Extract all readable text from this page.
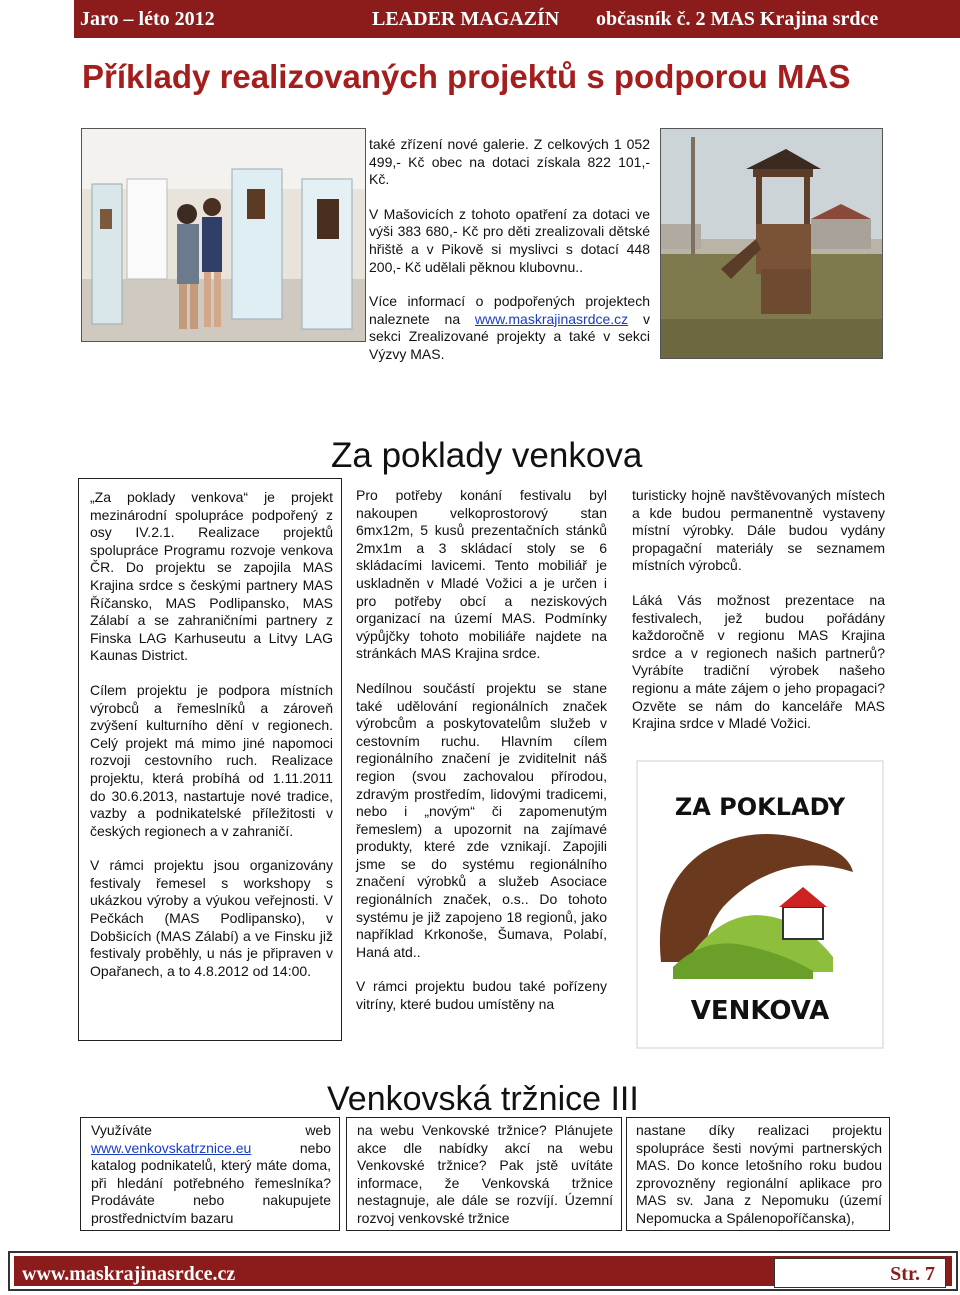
Jaro – léto 2012	LEADER MAGAZÍN občasník č. 2 MAS Krajina srdce
Příklady realizovaných projektů s podporou MAS

také zřízení nové galerie. Z celkových 1 052 499,- Kč obec na dotaci získala 822 101,- Kč.

V Mašovicích z tohoto opatření za dotaci ve výši 383 680,- Kč pro děti zrealizovali dětské hřiště a v Pikově si myslivci s dotací 448 200,- Kč udělali pěknou klubovnu..

Více informací o podpořených projektech naleznete na www.maskrajinasrdce.cz v sekci Zrealizované projekty a také v sekci Výzvy MAS.

Za poklady venkova

„Za poklady venkova“ je projekt mezinárodní spolupráce podpořený z osy IV.2.1. Realizace projektů spolupráce Programu rozvoje venkova ČR. Do projektu se zapojila MAS Krajina srdce s českými partnery MAS Říčansko, MAS Podlipansko, MAS Zálabí a se zahraničními partnery z Finska LAG Karhuseutu a Litvy LAG Kaunas District.

Cílem projektu je podpora místních výrobců a řemeslníků a zároveň zvýšení kulturního dění v regionech. Celý projekt má mimo jiné napomoci rozvoji cestovního ruch. Realizace projektu, která probíhá od 1.11.2011 do 30.6.2013, nastartuje nové tradice, vazby a podnikatelské příležitosti v českých regionech a v zahraničí.

V rámci projektu jsou organizovány festivaly řemesel s workshopy s ukázkou výroby a výukou veřejnosti. V Pečkách (MAS Podlipansko), v Dobšicích (MAS Zálabí) a ve Finsku již festivaly proběhly, u nás je připraven v Opařanech, a to 4.8.2012 od 14:00.

Pro potřeby konání festivalu byl nakoupen velkoprostorový stan 6mx12m, 5 kusů prezentačních stánků 2mx1m a 3 skládací stoly se 6 skládacími lavicemi. Tento mobiliář je uskladněn v Mladé Vožici a je určen i pro potřeby obcí a neziskových organizací na území MAS. Podmínky výpůjčky tohoto mobiliáře najdete na stránkách MAS Krajina srdce.

Nedílnou součástí projektu se stane také udělování regionálních značek výrobcům a poskytovatelům služeb v cestovním ruchu. Hlavním cílem regionálního značení je zviditelnit náš region (svou zachovalou přírodou, zdravým prostředím, lidovými tradicemi, nebo i „novým“ či zapomenutým řemeslem) a upozornit na zajímavé produkty, které zde vznikají. Zapojili jsme se do systému regionálního značení výrobků a služeb Asociace regionálních značek, o.s.. Do tohoto systému je již zapojeno 18 regionů, jako například Krkonoše, Šumava, Polabí, Haná atd..

V rámci projektu budou také pořízeny vitríny, které budou umístěny na

turisticky hojně navštěvovaných místech a kde budou permanentně vystaveny místní výrobky. Dále budou vydány propagační materiály se seznamem místních výrobců.

Láká Vás možnost prezentace na festivalech, jež budou pořádány každoročně v regionu MAS Krajina srdce a v regionech našich partnerů? Vyrábíte tradiční výrobek našeho regionu a máte zájem o jeho propagaci? Ozvěte se nám do kanceláře MAS Krajina srdce v Mladé Vožici.

ZA POKLADY
VENKOVA
Venkovská tržnice III
Využíváte web www.venkovskatrznice.eu nebo katalog podnikatelů, který máte doma, při hledání potřebného řemeslníka? Prodáváte nebo nakupujete prostřednictvím bazaru
na webu Venkovské tržnice? Plánujete akce dle nabídky akcí na webu Venkovské tržnice? Pak jstě uvítáte informace, že Venkovská tržnice nestagnuje, ale dále se rozvíjí. Územní rozvoj venkovské tržnice
nastane díky realizaci projektu spolupráce šesti novými partnerských MAS. Do konce letošního roku budou zprovozněny regionální aplikace pro MAS sv. Jana z Nepomuku (území Nepomucka a Spálenopoříčanska),
www.maskrajinasrdce.cz	Str. 7
